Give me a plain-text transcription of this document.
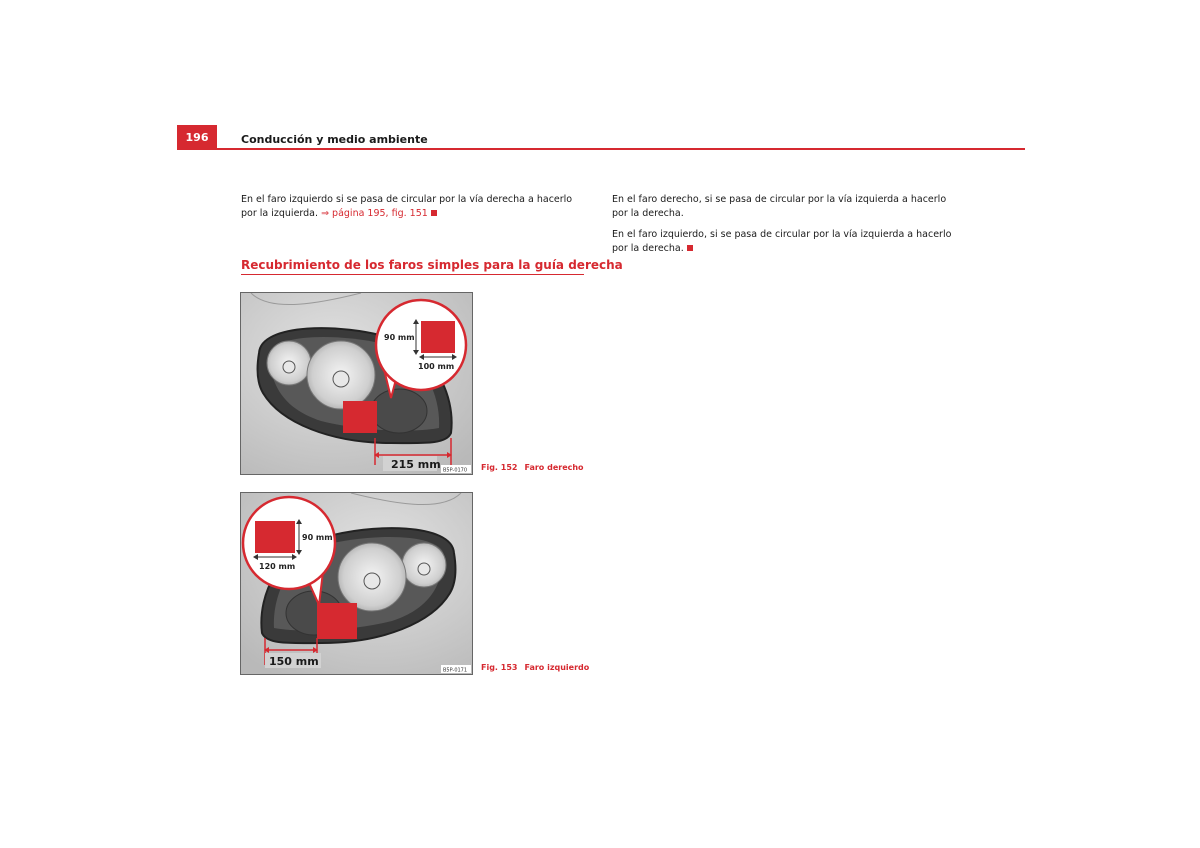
196	Conducción y medio ambiente
En el faro izquierdo si se pasa de circular por la vía derecha a hacerlo por la izquierda. ⇒ página 195, fig. 151
Recubrimiento de los faros simples para la guía derecha
90 mm
100 mm
215 mm B5P-0170 Fig. 152 Faro derecho
90 mm
120 mm
150 mm
B5P-0171 Fig. 153 Faro izquierdo
En el faro derecho, si se pasa de circular por la vía izquierda a hacerlo por la derecha.
En el faro izquierdo, si se pasa de circular por la vía izquierda a hacerlo por la derecha.
